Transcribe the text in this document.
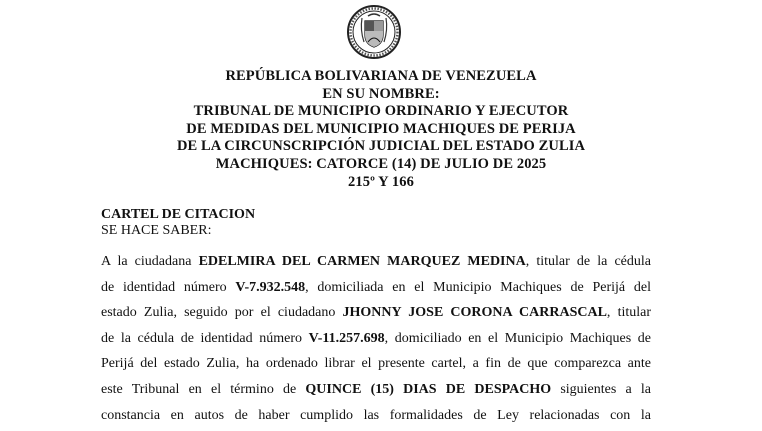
REPÚBLICA BOLIVARIANA DE VENEZUELA
EN SU NOMBRE:
TRIBUNAL DE MUNICIPIO ORDINARIO Y EJECUTOR
DE MEDIDAS DEL MUNICIPIO MACHIQUES DE PERIJA
DE LA CIRCUNSCRIPCIÓN JUDICIAL DEL ESTADO ZULIA
MACHIQUES: CATORCE (14) DE JULIO DE 2025
215º Y 166
CARTEL DE CITACION
SE HACE SABER:
A la ciudadana EDELMIRA DEL CARMEN MARQUEZ MEDINA, titular de la cédula
de identidad número V-7.932.548, domiciliada en el Municipio Machiques de Perijá del
estado Zulia, seguido por el ciudadano JHONNY JOSE CORONA CARRASCAL, titular
de la cédula de identidad número V-11.257.698, domiciliado en el Municipio Machiques de
Perijá del estado Zulia, ha ordenado librar el presente cartel, a fin de que comparezca ante
este Tribunal en el término de QUINCE (15) DIAS DE DESPACHO siguientes a la
constancia en autos de haber cumplido las formalidades de Ley relacionadas con la
